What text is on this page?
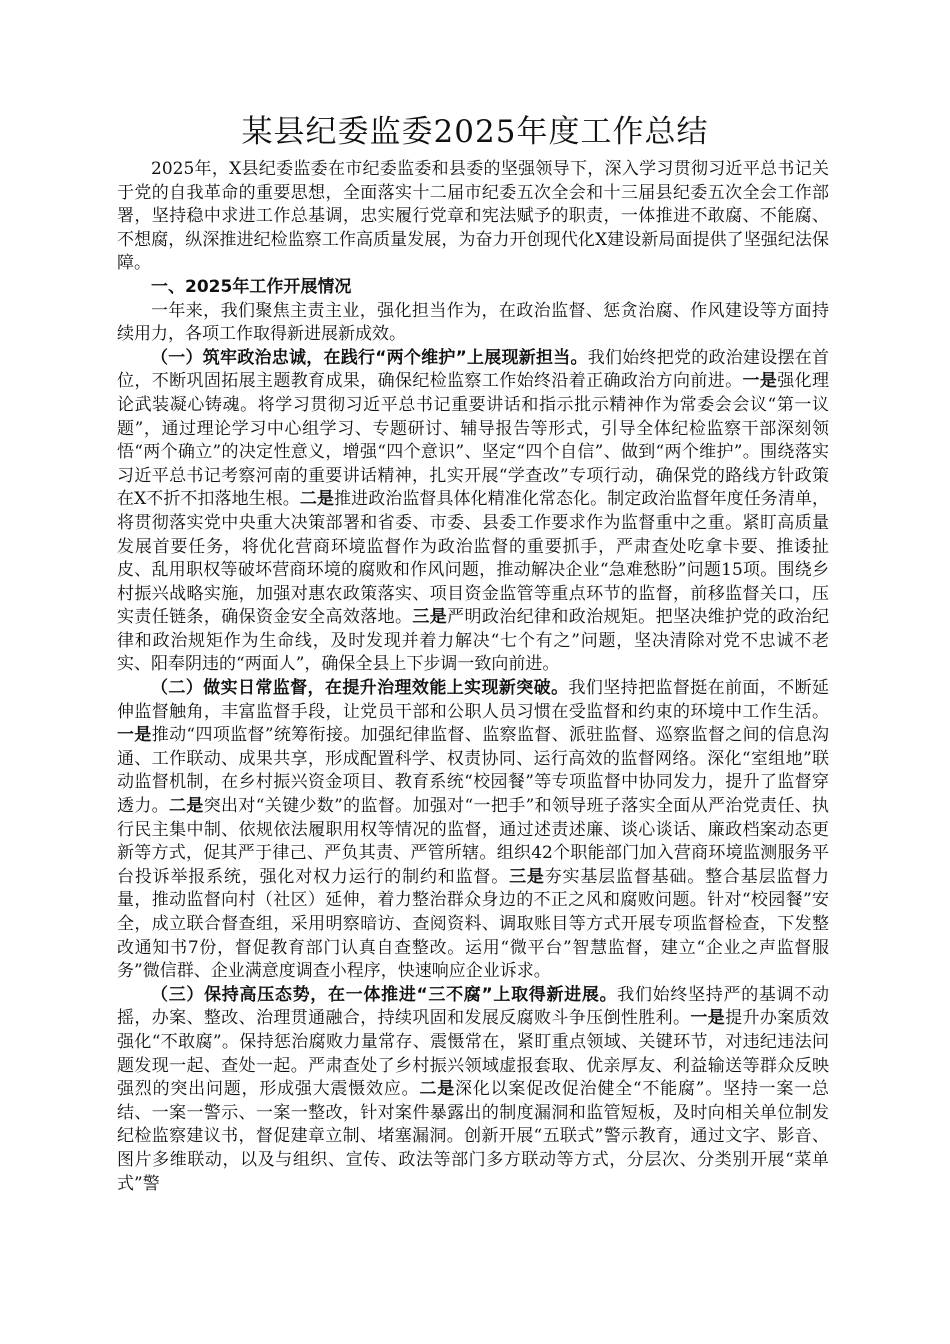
某县纪委监委2025年度工作总结

2025年，X县纪委监委在市纪委监委和县委的坚强领导下，深入学习贯彻习近平总书记关于党的自我革命的重要思想，全面落实十二届市纪委五次全会和十三届县纪委五次全会工作部署，坚持稳中求进工作总基调，忠实履行党章和宪法赋予的职责，一体推进不敢腐、不能腐、不想腐，纵深推进纪检监察工作高质量发展，为奋力开创现代化X建设新局面提供了坚强纪法保障。

一、2025年工作开展情况

一年来，我们聚焦主责主业，强化担当作为，在政治监督、惩贪治腐、作风建设等方面持续用力，各项工作取得新进展新成效。

（一）筑牢政治忠诚，在践行“两个维护”上展现新担当。我们始终把党的政治建设摆在首位，不断巩固拓展主题教育成果，确保纪检监察工作始终沿着正确政治方向前进。一是强化理论武装凝心铸魂。将学习贯彻习近平总书记重要讲话和指示批示精神作为常委会会议“第一议题”，通过理论学习中心组学习、专题研讨、辅导报告等形式，引导全体纪检监察干部深刻领悟“两个确立”的决定性意义，增强“四个意识”、坚定“四个自信”、做到“两个维护”。围绕落实习近平总书记考察河南的重要讲话精神，扎实开展“学查改”专项行动，确保党的路线方针政策在X不折不扣落地生根。二是推进政治监督具体化精准化常态化。制定政治监督年度任务清单，将贯彻落实党中央重大决策部署和省委、市委、县委工作要求作为监督重中之重。紧盯高质量发展首要任务，将优化营商环境监督作为政治监督的重要抓手，严肃查处吃拿卡要、推诿扯皮、乱用职权等破坏营商环境的腐败和作风问题，推动解决企业“急难愁盼”问题15项。围绕乡村振兴战略实施，加强对惠农政策落实、项目资金监管等重点环节的监督，前移监督关口，压实责任链条，确保资金安全高效落地。三是严明政治纪律和政治规矩。把坚决维护党的政治纪律和政治规矩作为生命线，及时发现并着力解决“七个有之”问题，坚决清除对党不忠诚不老实、阳奉阴违的“两面人”，确保全县上下步调一致向前进。

（二）做实日常监督，在提升治理效能上实现新突破。我们坚持把监督挺在前面，不断延伸监督触角，丰富监督手段，让党员干部和公职人员习惯在受监督和约束的环境中工作生活。一是推动“四项监督”统筹衔接。加强纪律监督、监察监督、派驻监督、巡察监督之间的信息沟通、工作联动、成果共享，形成配置科学、权责协同、运行高效的监督网络。深化“室组地”联动监督机制，在乡村振兴资金项目、教育系统“校园餐”等专项监督中协同发力，提升了监督穿透力。二是突出对“关键少数”的监督。加强对“一把手”和领导班子落实全面从严治党责任、执行民主集中制、依规依法履职用权等情况的监督，通过述责述廉、谈心谈话、廉政档案动态更新等方式，促其严于律己、严负其责、严管所辖。组织42个职能部门加入营商环境监测服务平台投诉举报系统，强化对权力运行的制约和监督。三是夯实基层监督基础。整合基层监督力量，推动监督向村（社区）延伸，着力整治群众身边的不正之风和腐败问题。针对“校园餐”安全，成立联合督查组，采用明察暗访、查阅资料、调取账目等方式开展专项监督检查，下发整改通知书7份，督促教育部门认真自查整改。运用“微平台”智慧监督，建立“企业之声监督服务”微信群、企业满意度调查小程序，快速响应企业诉求。

（三）保持高压态势，在一体推进“三不腐”上取得新进展。我们始终坚持严的基调不动摇，办案、整改、治理贯通融合，持续巩固和发展反腐败斗争压倒性胜利。一是提升办案质效强化“不敢腐”。保持惩治腐败力量常存、震慑常在，紧盯重点领域、关键环节，对违纪违法问题发现一起、查处一起。严肃查处了乡村振兴领域虚报套取、优亲厚友、利益输送等群众反映强烈的突出问题，形成强大震慑效应。二是深化以案促改促治健全“不能腐”。坚持一案一总结、一案一警示、一案一整改，针对案件暴露出的制度漏洞和监管短板，及时向相关单位制发纪检监察建议书，督促建章立制、堵塞漏洞。创新开展“五联式”警示教育，通过文字、影音、图片多维联动，以及与组织、宣传、政法等部门多方联动等方式，分层次、分类别开展“菜单式”警
